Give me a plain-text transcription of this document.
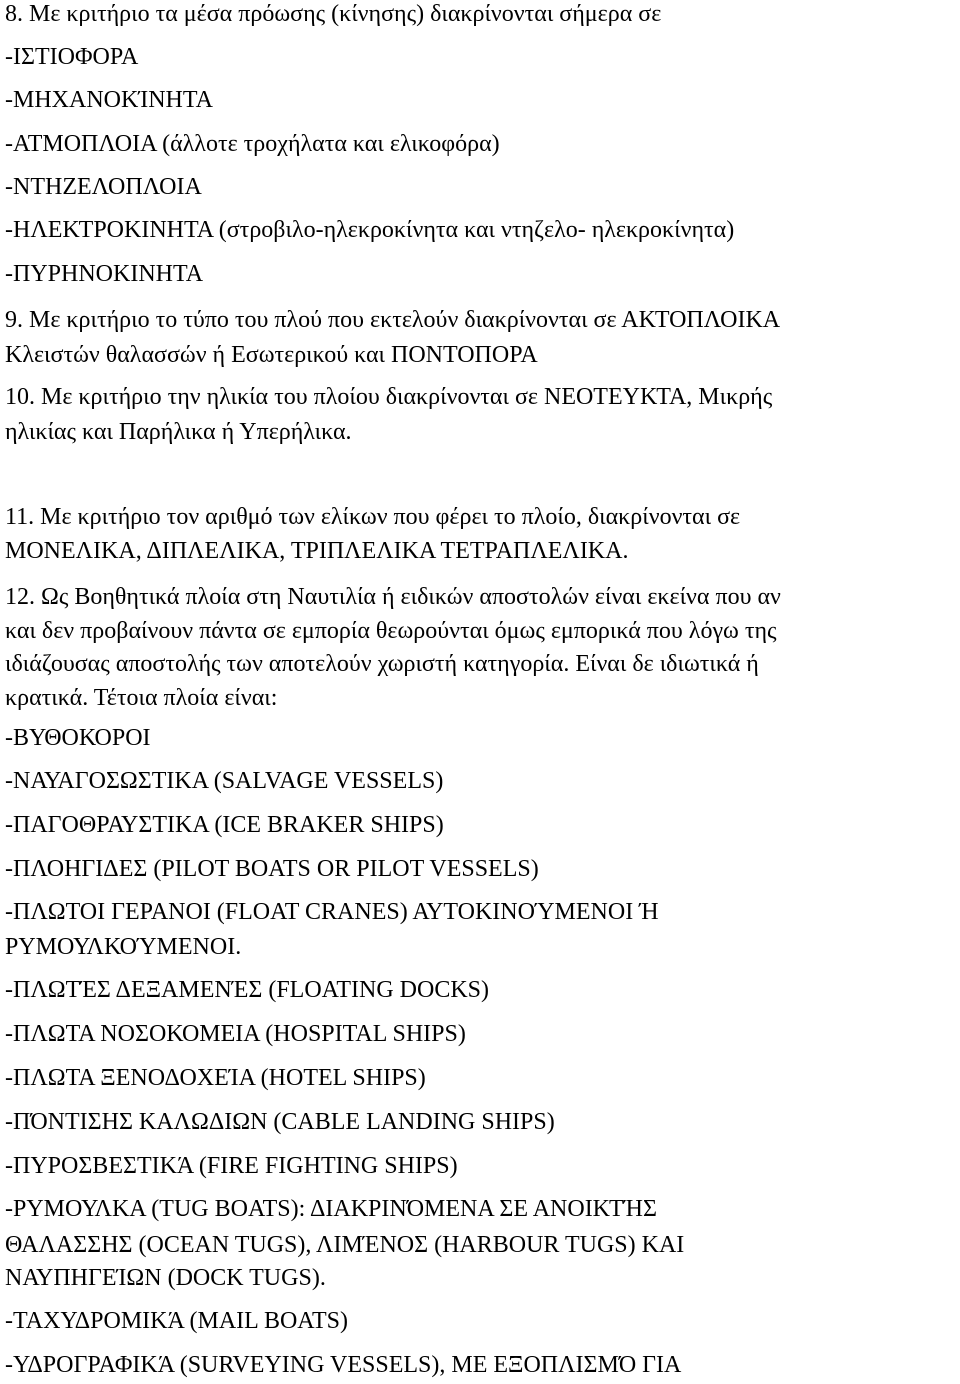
8. Με κριτήριο τα μέσα πρόωσης (κίνησης) διακρίνονται σήμερα σε
-ΙΣΤΙΟΦΟΡΑ
-ΜΗΧΑΝΟΚΊΝΗΤΑ
-ΑΤΜΟΠΛΟΙΑ (άλλοτε τροχήλατα και ελικοφόρα)
-ΝΤΗΖΕΛΟΠΛΟΙΑ
-ΗΛΕΚΤΡΟΚΙΝΗΤΑ (στροβιλο-ηλεκροκίνητα και ντηζελο- ηλεκροκίνητα)
-ΠΥΡΗΝΟΚΙΝΗΤΑ
9. Με κριτήριο το τύπο του πλού που εκτελούν διακρίνονται σε ΑΚΤΟΠΛΟΙΚΑ
Κλειστών θαλασσών ή Εσωτερικού και ΠΟΝΤΟΠΟΡΑ
10. Με κριτήριο την ηλικία του πλοίου διακρίνονται σε ΝΕΟΤΕΥΚΤΑ, Μικρής
ηλικίας και Παρήλικα ή Υπερήλικα.
11. Με κριτήριο τον αριθμό των ελίκων που φέρει το πλοίο, διακρίνονται σε
ΜΟΝΕΛΙΚΑ, ΔΙΠΛΕΛΙΚΑ, ΤΡΙΠΛΕΛΙΚΑ ΤΕΤΡΑΠΛΕΛΙΚΑ.
12. Ως Βοηθητικά πλοία στη Ναυτιλία ή ειδικών αποστολών είναι εκείνα που αν
και δεν προβαίνουν πάντα σε εμπορία θεωρούνται όμως εμπορικά που λόγω της
ιδιάζουσας αποστολής των αποτελούν χωριστή κατηγορία. Είναι δε ιδιωτικά ή
κρατικά. Τέτοια πλοία είναι:
-ΒΥΘΟΚΟΡΟΙ
-ΝΑΥΑΓΟΣΩΣΤΙΚΑ (SALVAGE VESSELS)
-ΠΑΓΟΘΡΑΥΣΤΙΚΑ (ICE BRAKER SHIPS)
-ΠΛΟΗΓΙΔΕΣ (PILOT BOATS OR PILOT VESSELS)
-ΠΛΩΤΟΙ ΓΕΡΑΝΟΙ (FLOAT CRANES) ΑΥΤΟΚΙΝΟΎΜΕΝΟΙ Ή
ΡΥΜΟΥΛΚΟΎΜΕΝΟΙ.
-ΠΛΩΤΈΣ ΔΕΞΑΜΕΝΈΣ (FLOATING DOCKS)
-ΠΛΩΤΑ ΝΟΣΟΚΟΜΕΙΑ (HOSPITAL SHIPS)
-ΠΛΩΤΑ ΞΕΝΟΔΟΧΕΊΑ (HOTEL SHIPS)
-ΠΌΝΤΙΣΗΣ ΚΑΛΩΔΙΩΝ (CABLE LANDING SHIPS)
-ΠΥΡΟΣΒΕΣΤΙΚΆ (FIRE FIGHTING SHIPS)
-ΡΥΜΟΥΛΚΑ (TUG BOATS): ΔΙΑΚΡΙΝΌΜΕΝΑ ΣΕ ΑΝΟΙΚΤΉΣ
ΘΑΛΑΣΣΗΣ (OCEAN TUGS), ΛΙΜΈΝΟΣ (HARBOUR TUGS) ΚΑΙ
ΝΑΥΠΗΓΕΊΩΝ (DOCK TUGS).
-ΤΑΧΥΔΡΟΜΙΚΆ (MAIL BOATS)
-ΥΔΡΟΓΡΑΦΙΚΆ (SURVEYING VESSELS), ΜΕ ΕΞΟΠΛΙΣΜΌ ΓΙΑ
